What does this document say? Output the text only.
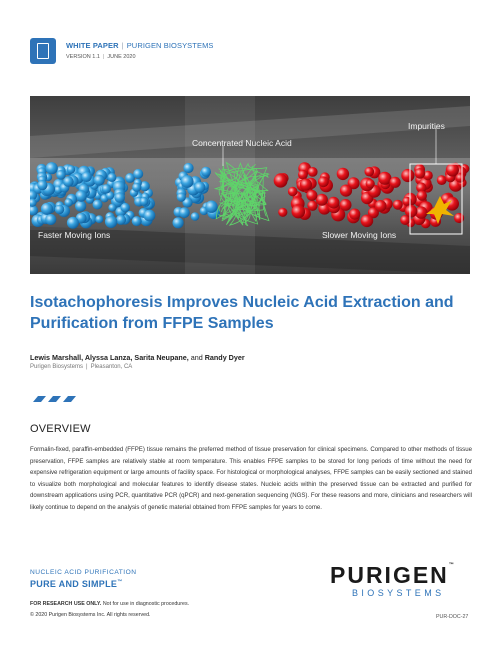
WHITE PAPER | PURIGEN BIOSYSTEMS
VERSION 1.1 | JUNE 2020
Concentrated Nucleic Acid
Impurities
Faster Moving Ions	Slower Moving Ions
Isotachophoresis Improves Nucleic Acid Extraction and Purification from FFPE Samples
Lewis Marshall, Alyssa Lanza, Sarita Neupane, and Randy Dyer
Purigen Biosystems | Pleasanton, CA
OVERVIEW
Formalin-fixed, paraffin-embedded (FFPE) tissue remains the preferred method of tissue preservation for clinical specimens. Compared to other methods of tissue preservation, FFPE samples are relatively stable at room temperature. This enables FFPE samples to be stored for long periods of time without the need for expensive refrigeration equipment or large amounts of facility space. For histological or morphological analyses, FFPE samples can be easily sectioned and stained to visualize both morphological and molecular features to identify disease states. Nucleic acids within the preserved tissue can be extracted and purified for downstream applications using PCR, quantitative PCR (qPCR) and next-generation sequencing (NGS). For these reasons and more, clinicians and researchers will likely continue to depend on the analysis of genetic material obtained from FFPE samples for years to come.
NUCLEIC ACID PURIFICATION
PURE AND SIMPLE™
FOR RESEARCH USE ONLY. Not for use in diagnostic procedures.
© 2020 Purigen Biosystems Inc. All rights reserved.
PURIGEN™
BIOSYSTEMS
PUR-DOC-27
